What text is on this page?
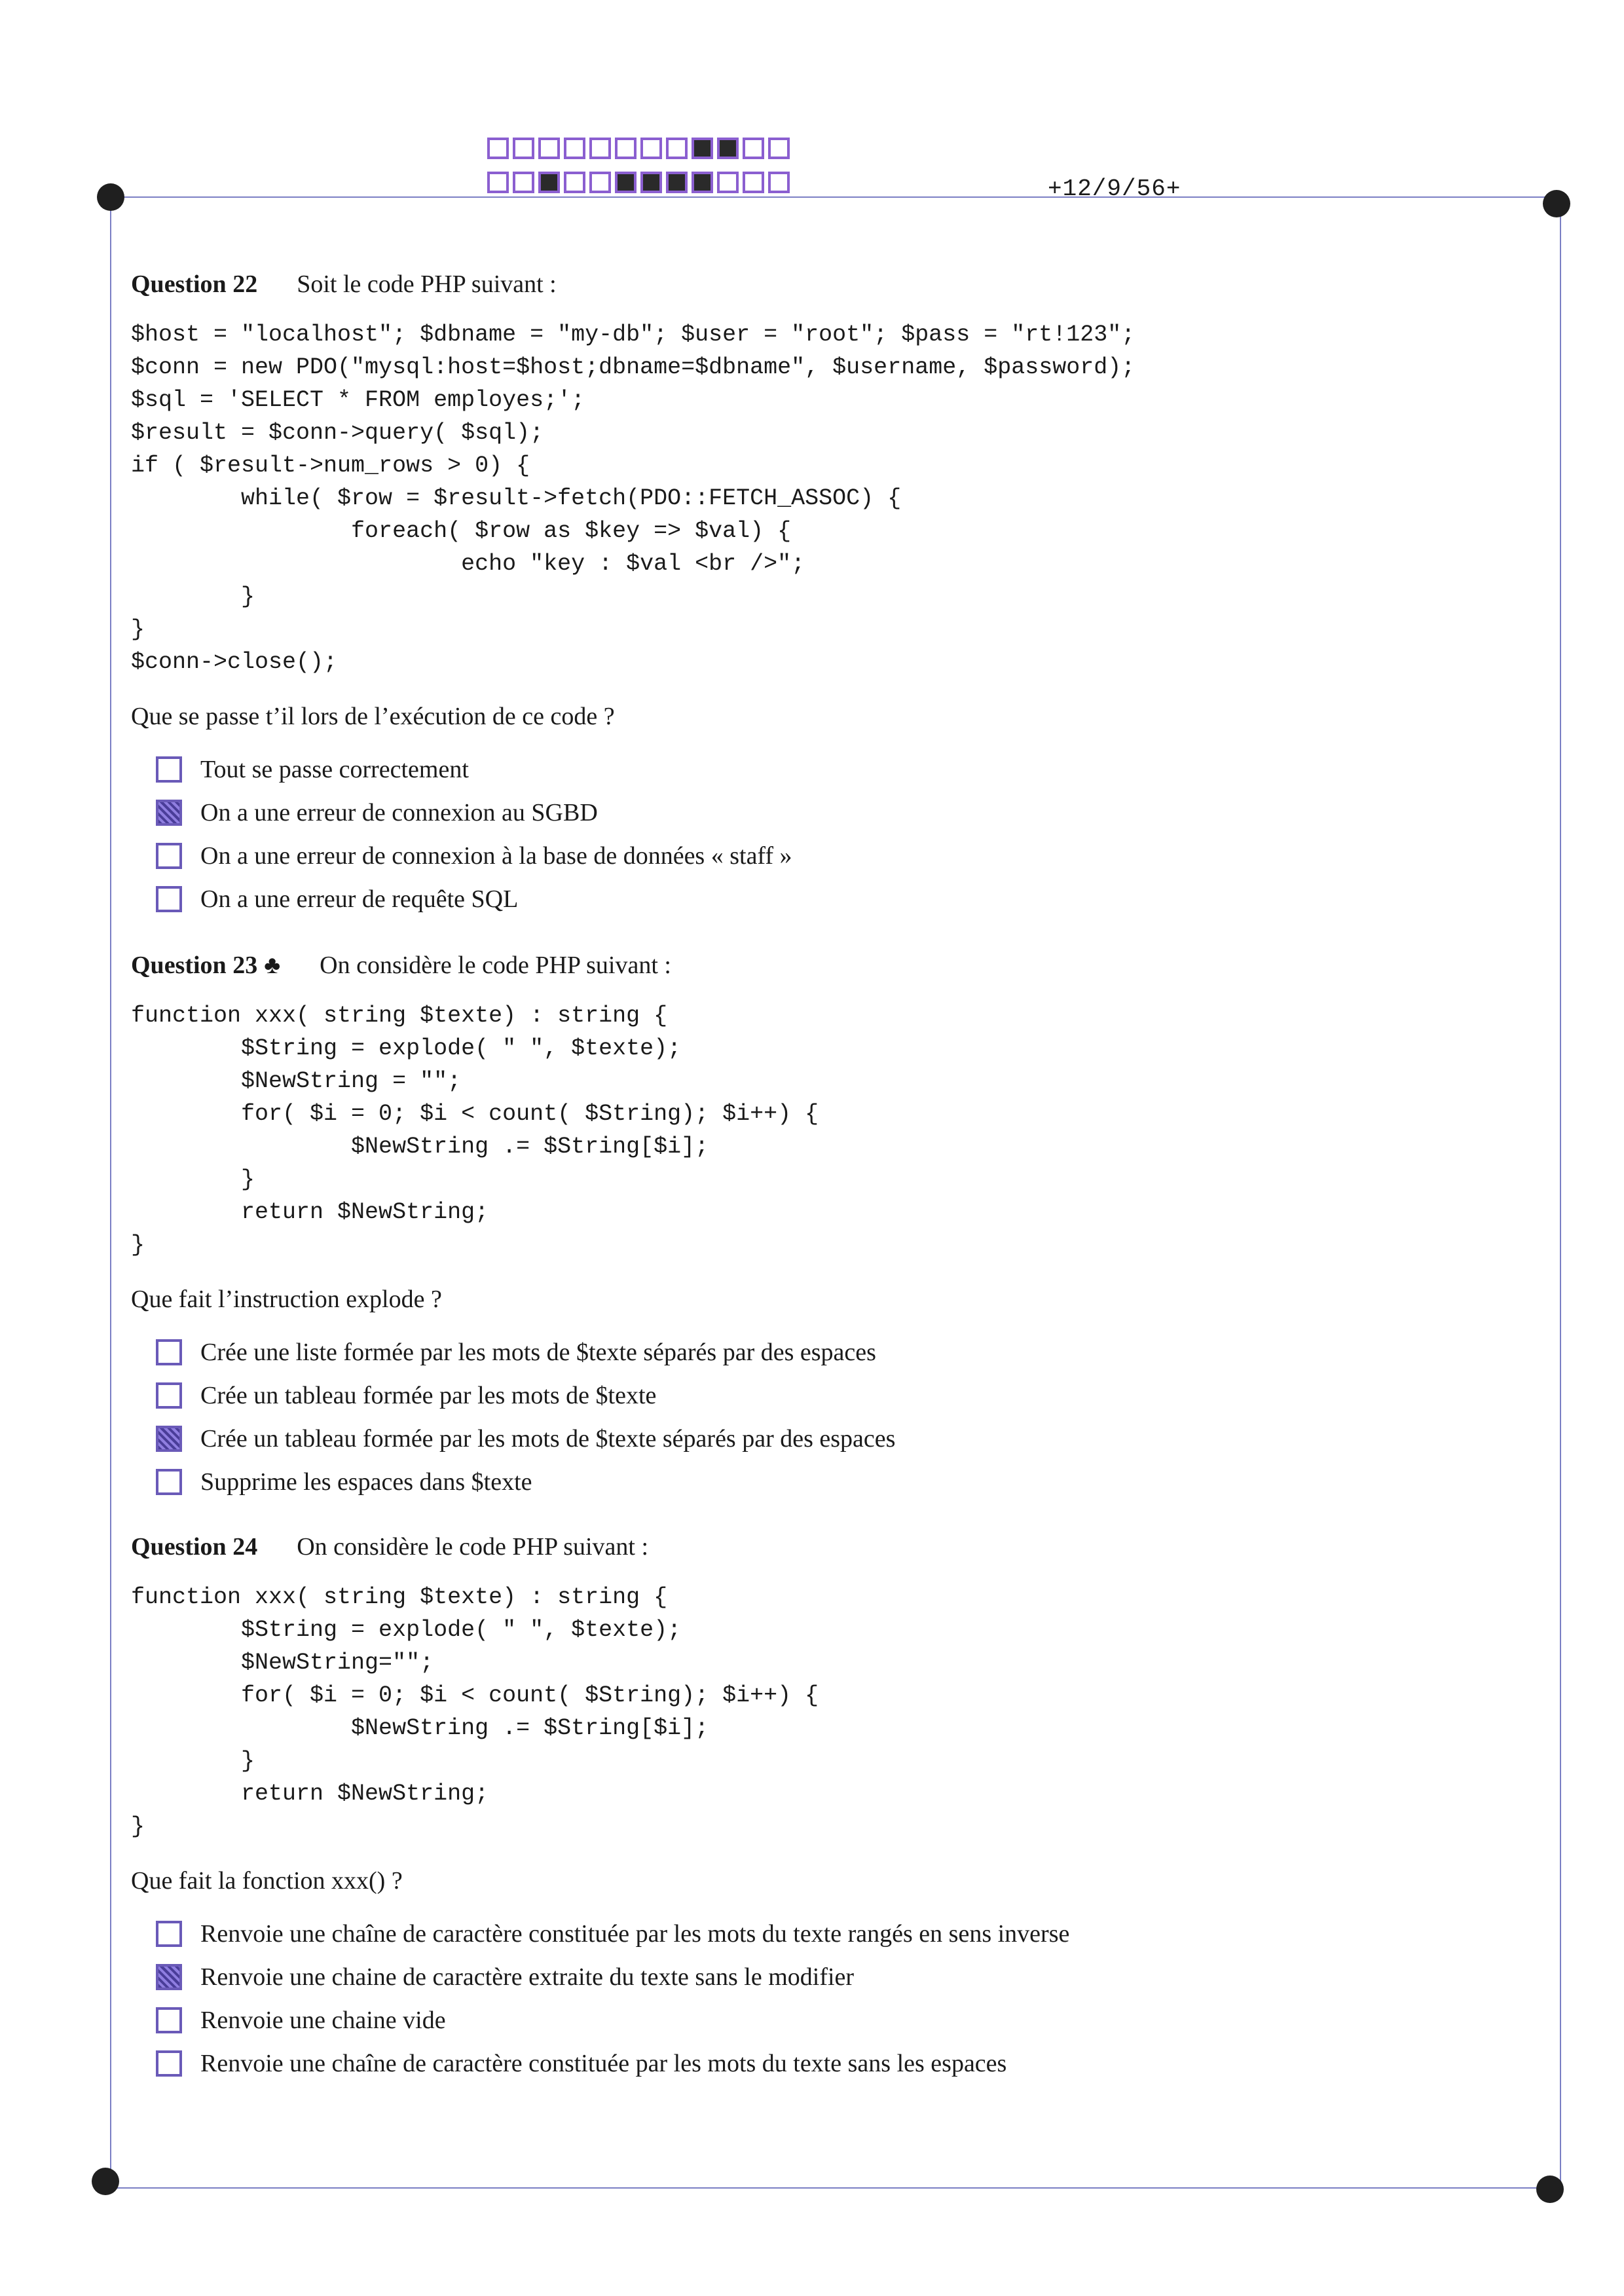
+12/9/56+
Question 22 Soit le code PHP suivant :
$host = "localhost"; $dbname = "my-db"; $user = "root"; $pass = "rt!123";
$conn = new PDO("mysql:host=$host;dbname=$dbname", $username, $password);
$sql = 'SELECT * FROM employes;';
$result = $conn->query( $sql);
if ( $result->num_rows > 0) {
while( $row = $result->fetch(PDO::FETCH_ASSOC) {
foreach( $row as $key => $val) {
echo "key : $val <br />";
}
}
$conn->close();
Que se passe t’il lors de l’exécution de ce code ?
Tout se passe correctement
On a une erreur de connexion au SGBD
On a une erreur de connexion à la base de données « staff »
On a une erreur de requête SQL
Question 23 ♣ On considère le code PHP suivant :
function xxx( string $texte) : string {
$String = explode( " ", $texte);
$NewString = "";
for( $i = 0; $i < count( $String); $i++) {
$NewString .= $String[$i];
}
return $NewString;
}
Que fait l’instruction explode ?
Crée une liste formée par les mots de $texte séparés par des espaces
Crée un tableau formée par les mots de $texte
Crée un tableau formée par les mots de $texte séparés par des espaces
Supprime les espaces dans $texte
Question 24 On considère le code PHP suivant :
function xxx( string $texte) : string {
$String = explode( " ", $texte);
$NewString="";
for( $i = 0; $i < count( $String); $i++) {
$NewString .= $String[$i];
}
return $NewString;
}
Que fait la fonction xxx() ?
Renvoie une chaîne de caractère constituée par les mots du texte rangés en sens inverse
Renvoie une chaine de caractère extraite du texte sans le modifier
Renvoie une chaine vide
Renvoie une chaîne de caractère constituée par les mots du texte sans les espaces
